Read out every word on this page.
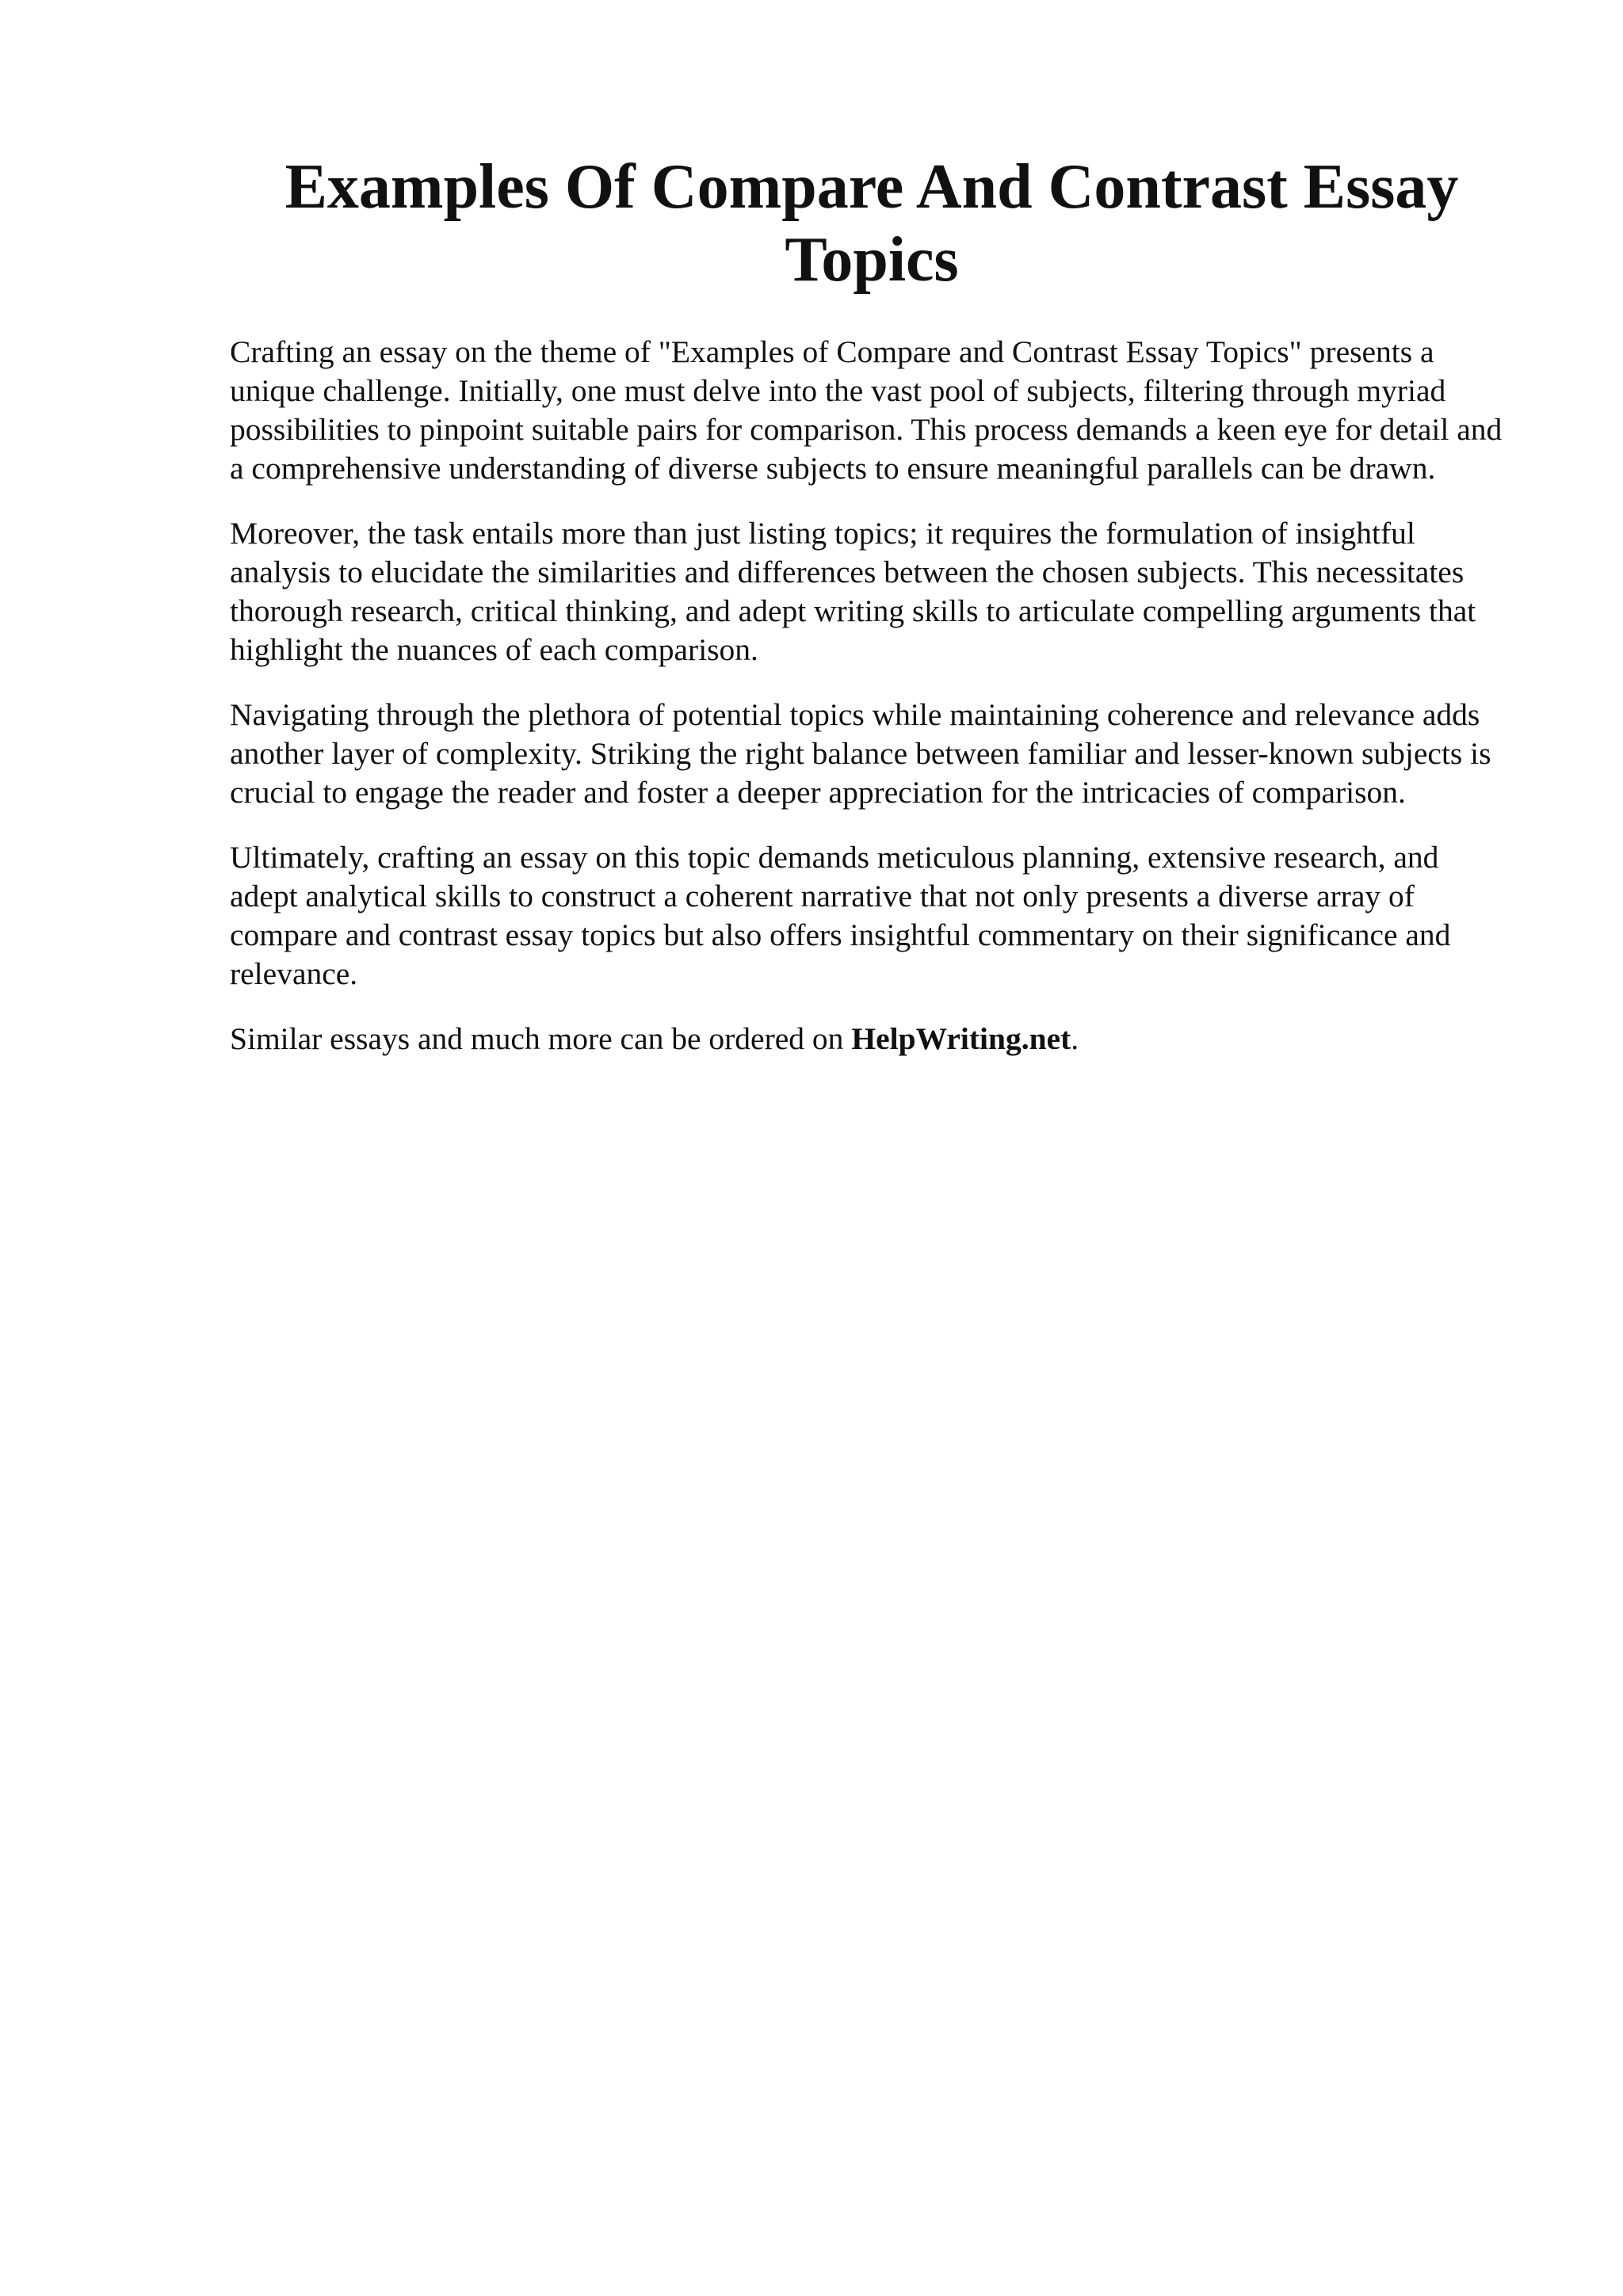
Examples Of Compare And Contrast Essay Topics

Crafting an essay on the theme of "Examples of Compare and Contrast Essay Topics" presents a unique challenge. Initially, one must delve into the vast pool of subjects, filtering through myriad possibilities to pinpoint suitable pairs for comparison. This process demands a keen eye for detail and a comprehensive understanding of diverse subjects to ensure meaningful parallels can be drawn.

Moreover, the task entails more than just listing topics; it requires the formulation of insightful analysis to elucidate the similarities and differences between the chosen subjects. This necessitates thorough research, critical thinking, and adept writing skills to articulate compelling arguments that highlight the nuances of each comparison.

Navigating through the plethora of potential topics while maintaining coherence and relevance adds another layer of complexity. Striking the right balance between familiar and lesser-known subjects is crucial to engage the reader and foster a deeper appreciation for the intricacies of comparison.

Ultimately, crafting an essay on this topic demands meticulous planning, extensive research, and adept analytical skills to construct a coherent narrative that not only presents a diverse array of compare and contrast essay topics but also offers insightful commentary on their significance and relevance.

Similar essays and much more can be ordered on HelpWriting.net.
